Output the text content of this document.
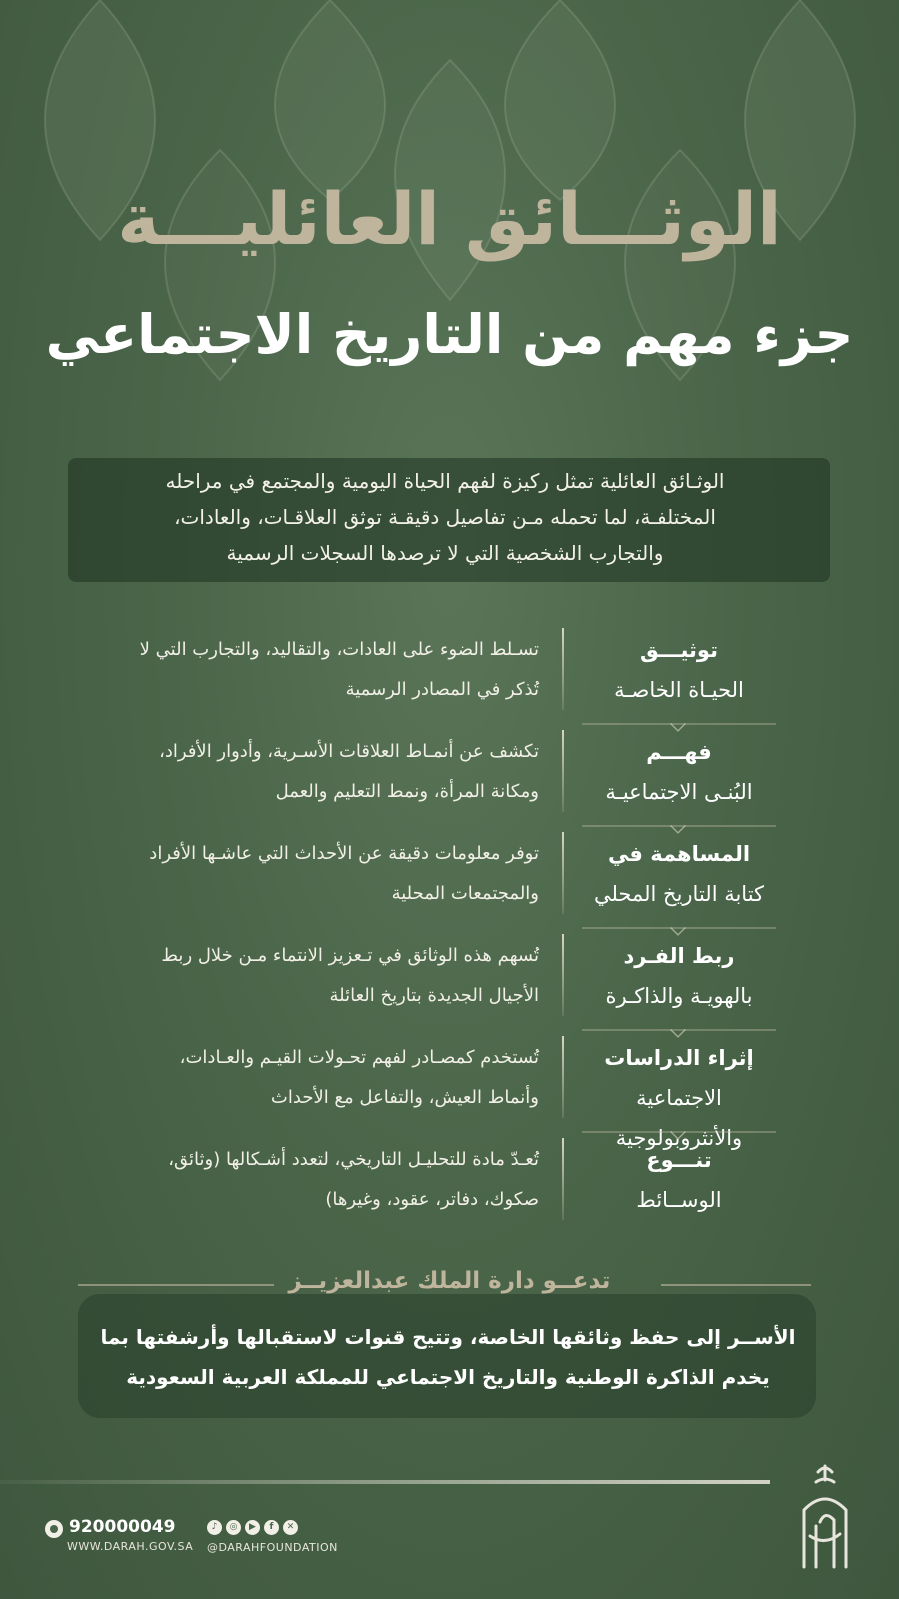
الوثـــائق العائليـــة
جزء مهم من التاريخ الاجتماعي
الوثـائق العائلية تمثل ركيزة لفهم الحياة اليومية والمجتمع في مراحله
المختلفـة، لما تحمله مـن تفاصيل دقيقـة توثق العلاقـات، والعادات،
والتجارب الشخصية التي لا ترصدها السجلات الرسمية
توثيـــق
الحيـاة الخاصـة
تسـلط الضوء على العادات، والتقاليد، والتجارب التي لا
تُذكر في المصادر الرسمية
فهـــم
البُنـى الاجتماعيـة
تكشف عن أنمـاط العلاقات الأسـرية، وأدوار الأفراد،
ومكانة المرأة، ونمط التعليم والعمل
المساهمة في
كتابة التاريخ المحلي
توفر معلومات دقيقة عن الأحداث التي عاشـها الأفراد
والمجتمعات المحلية
ربط الفـرد
بالهويـة والذاكـرة
تُسهم هذه الوثائق في تـعزيز الانتماء مـن خلال ربط
الأجيال الجديدة بتاريخ العائلة
إثراء الدراسات
الاجتماعية والأنثروبولوجية
تُستخدم كمصـادر لفهم تحـولات القيـم والعـادات،
وأنماط العيش، والتفاعل مع الأحداث
تنـــوع
الوســائط
تُعـدّ مادة للتحليـل التاريخي، لتعدد أشـكالها (وثائق،
صكوك، دفاتر، عقود، وغيرها)
تدعــو دارة الملك عبدالعزيــز
الأســر إلى حفظ وثائقها الخاصة، وتتيح قنوات لاستقبالها وأرشفتها بما
يخدم الذاكرة الوطنية والتاريخ الاجتماعي للمملكة العربية السعودية
920000049
WWW.DARAH.GOV.SA
♪ ◎ ▶ f ✕
@DARAHFOUNDATION
